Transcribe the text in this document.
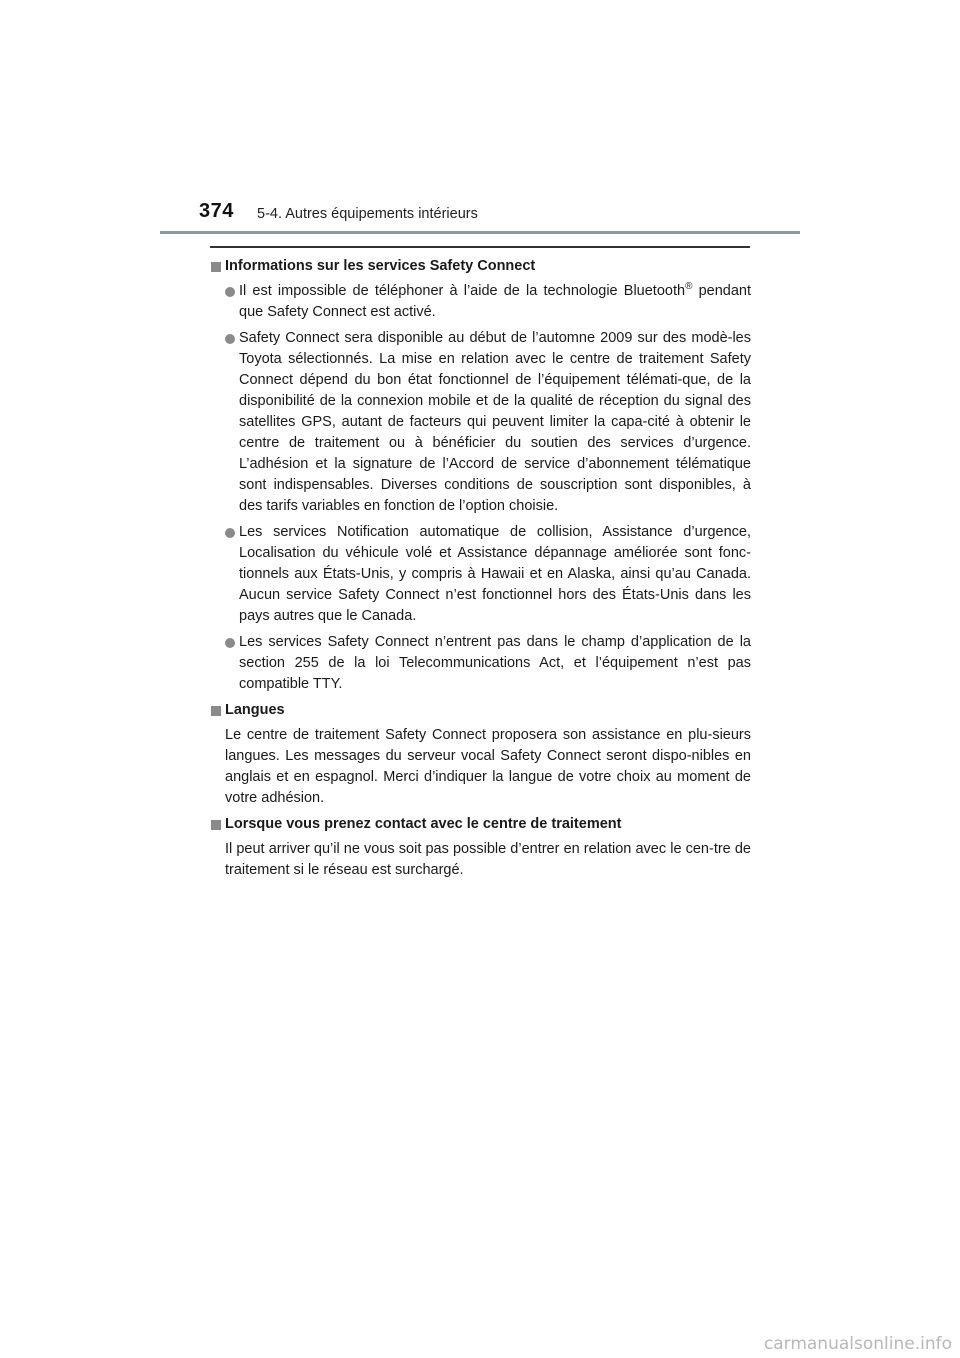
374 5-4. Autres équipements intérieurs
Informations sur les services Safety Connect
Il est impossible de téléphoner à l’aide de la technologie Bluetooth® pendant que Safety Connect est activé.
Safety Connect sera disponible au début de l’automne 2009 sur des modè-les Toyota sélectionnés. La mise en relation avec le centre de traitement Safety Connect dépend du bon état fonctionnel de l’équipement télémati-que, de la disponibilité de la connexion mobile et de la qualité de réception du signal des satellites GPS, autant de facteurs qui peuvent limiter la capa-cité à obtenir le centre de traitement ou à bénéficier du soutien des services d’urgence. L’adhésion et la signature de l’Accord de service d’abonnement télématique sont indispensables. Diverses conditions de souscription sont disponibles, à des tarifs variables en fonction de l’option choisie.
Les services Notification automatique de collision, Assistance d’urgence, Localisation du véhicule volé et Assistance dépannage améliorée sont fonc-tionnels aux États-Unis, y compris à Hawaii et en Alaska, ainsi qu’au Canada. Aucun service Safety Connect n’est fonctionnel hors des États-Unis dans les pays autres que le Canada.
Les services Safety Connect n’entrent pas dans le champ d’application de la section 255 de la loi Telecommunications Act, et l’équipement n’est pas compatible TTY.
Langues
Le centre de traitement Safety Connect proposera son assistance en plu-sieurs langues. Les messages du serveur vocal Safety Connect seront dispo-nibles en anglais et en espagnol. Merci d’indiquer la langue de votre choix au moment de votre adhésion.
Lorsque vous prenez contact avec le centre de traitement
Il peut arriver qu’il ne vous soit pas possible d’entrer en relation avec le cen-tre de traitement si le réseau est surchargé.
carmanualsonline.info
